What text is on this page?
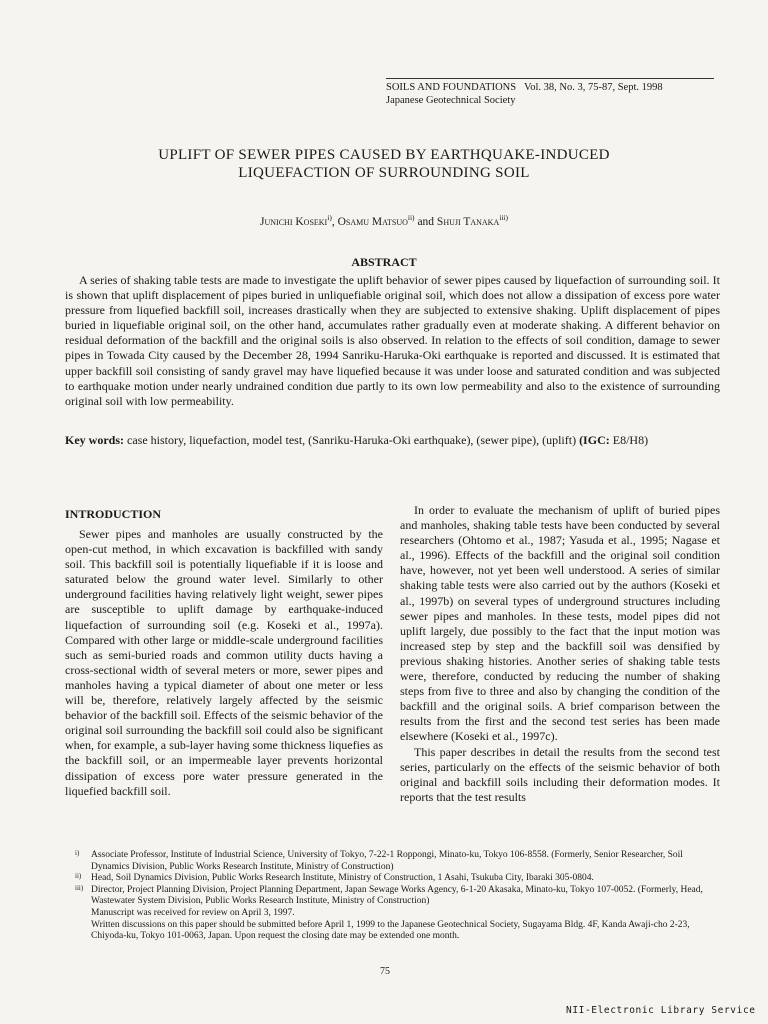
SOILS AND FOUNDATIONS Vol. 38, No. 3, 75-87, Sept. 1998
Japanese Geotechnical Society
UPLIFT OF SEWER PIPES CAUSED BY EARTHQUAKE-INDUCED
LIQUEFACTION OF SURROUNDING SOIL
Junichi Koseki$^{i)}$, Osamu Matsuo$^{ii)}$ and Shuji Tanaka$^{iii)}$
ABSTRACT

A series of shaking table tests are made to investigate the uplift behavior of sewer pipes caused by liquefaction of surrounding soil. It is shown that uplift displacement of pipes buried in unliquefiable original soil, which does not allow a dissipation of excess pore water pressure from liquefied backfill soil, increases drastically when they are subjected to extensive shaking. Uplift displacement of pipes buried in liquefiable original soil, on the other hand, accumulates rather gradually even at moderate shaking. A different behavior on residual deformation of the backfill and the original soils is also observed. In relation to the effects of soil condition, damage to sewer pipes in Towada City caused by the December 28, 1994 Sanriku-Haruka-Oki earthquake is reported and discussed. It is estimated that upper backfill soil consisting of sandy gravel may have liquefied because it was under loose and saturated condition and was subjected to earthquake motion under nearly undrained condition due partly to its own low permeability and also to the existence of surrounding original soil with low permeability.

Key words: case history, liquefaction, model test, (Sanriku-Haruka-Oki earthquake), (sewer pipe), (uplift) (IGC: E8/H8)

INTRODUCTION

Sewer pipes and manholes are usually constructed by the open-cut method, in which excavation is backfilled with sandy soil. This backfill soil is potentially liquefiable if it is loose and saturated below the ground water level. Similarly to other underground facilities having relatively light weight, sewer pipes are susceptible to uplift damage by earthquake-induced liquefaction of surrounding soil (e.g. Koseki et al., 1997a). Compared with other large or middle-scale underground facilities such as semi-buried roads and common utility ducts having a cross-sectional width of several meters or more, sewer pipes and manholes having a typical diameter of about one meter or less will be, therefore, relatively largely affected by the seismic behavior of the backfill soil. Effects of the seismic behavior of the original soil surrounding the backfill soil could also be significant when, for example, a sub-layer having some thickness liquefies as the backfill soil, or an impermeable layer prevents horizontal dissipation of excess pore water pressure generated in the liquefied backfill soil.

In order to evaluate the mechanism of uplift of buried pipes and manholes, shaking table tests have been conducted by several researchers (Ohtomo et al., 1987; Yasuda et al., 1995; Nagase et al., 1996). Effects of the backfill and the original soil condition have, however, not yet been well understood. A series of similar shaking table tests were also carried out by the authors (Koseki et al., 1997b) on several types of underground structures including sewer pipes and manholes. In these tests, model pipes did not uplift largely, due possibly to the fact that the input motion was increased step by step and the backfill soil was densified by previous shaking histories. Another series of shaking table tests were, therefore, conducted by reducing the number of shaking steps from five to three and also by changing the condition of the backfill and the original soils. A brief comparison between the results from the first and the second test series has been made elsewhere (Koseki et al., 1997c).

This paper describes in detail the results from the second test series, particularly on the effects of the seismic behavior of both original and backfill soils including their deformation modes. It reports that the test results

i) Associate Professor, Institute of Industrial Science, University of Tokyo, 7-22-1 Roppongi, Minato-ku, Tokyo 106-8558. (Formerly, Senior Researcher, Soil Dynamics Division, Public Works Research Institute, Ministry of Construction)

ii) Head, Soil Dynamics Division, Public Works Research Institute, Ministry of Construction, 1 Asahi, Tsukuba City, Ibaraki 305-0804.

iii) Director, Project Planning Division, Project Planning Department, Japan Sewage Works Agency, 6-1-20 Akasaka, Minato-ku, Tokyo 107-0052. (Formerly, Head, Wastewater System Division, Public Works Research Institute, Ministry of Construction)

Manuscript was received for review on April 3, 1997.

Written discussions on this paper should be submitted before April 1, 1999 to the Japanese Geotechnical Society, Sugayama Bldg. 4F, Kanda Awaji-cho 2-23, Chiyoda-ku, Tokyo 101-0063, Japan. Upon request the closing date may be extended one month.

75
NII-Electronic Library Service
